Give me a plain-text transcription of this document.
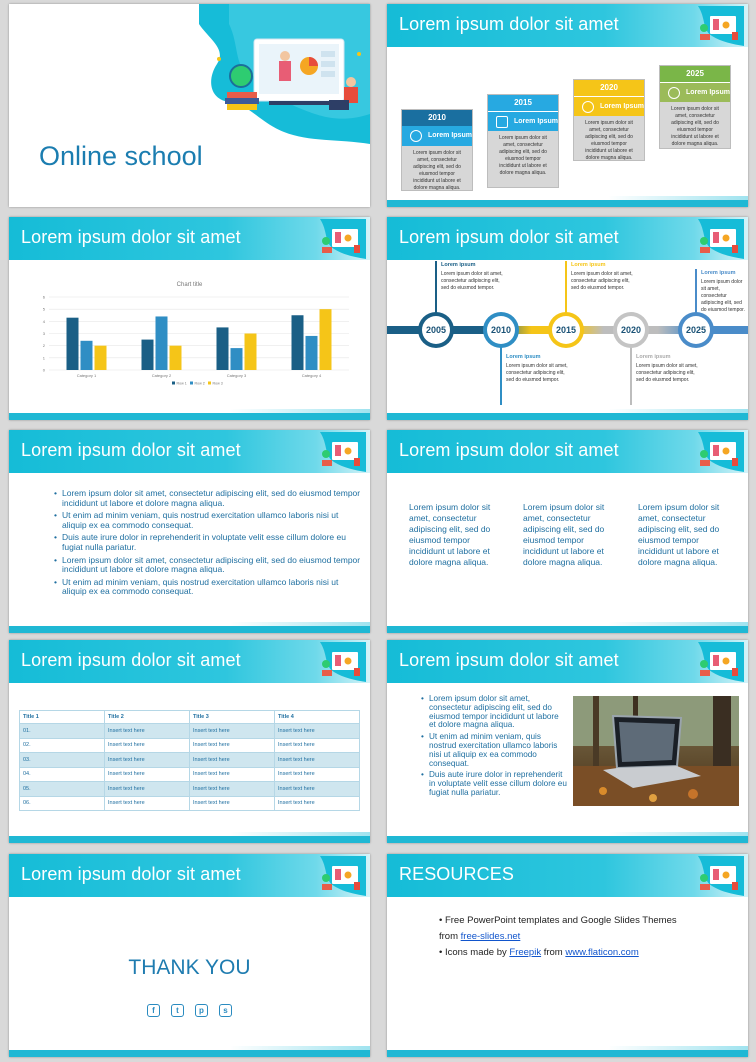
Online school
Lorem ipsum dolor sit amet
2010
Lorem Ipsum
Lorem ipsum dolor sit amet, consectetur adipiscing elit, sed do eiusmod tempor incididunt ut labore et dolore magna aliqua.
2015
Lorem Ipsum
Lorem ipsum dolor sit amet, consectetur adipiscing elit, sed do eiusmod tempor incididunt ut labore et dolore magna aliqua.
2020
Lorem Ipsum
Lorem ipsum dolor sit amet, consectetur adipiscing elit, sed do eiusmod tempor incididunt ut labore et dolore magna aliqua.
2025
Lorem Ipsum
Lorem ipsum dolor sit amet, consectetur adipiscing elit, sed do eiusmod tempor incididunt ut labore et dolore magna aliqua.
Lorem ipsum dolor sit amet
Chart title
0
1
2
3
4
5
6
Category 1	Category 2	Category 3	Category 4
Row 1 Row 2 Row 3
Lorem ipsum dolor sit amet
2005	2010	2015	2020	2025
Lorem ipsum
Lorem ipsum dolor sit amet, consectetur adipiscing elit, sed do eiusmod tempor.
Lorem ipsum
Lorem ipsum dolor sit amet, consectetur adipiscing elit, sed do eiusmod tempor.
Lorem ipsum
Lorem ipsum dolor sit amet, consectetur adipiscing elit, sed do eiusmod tempor.
Lorem ipsum
Lorem ipsum dolor sit amet, consectetur adipiscing elit, sed do eiusmod tempor.
Lorem ipsum
Lorem ipsum dolor sit amet, consectetur adipiscing elit, sed do eiusmod tempor.
Lorem ipsum dolor sit amet
• Lorem ipsum dolor sit amet, consectetur adipiscing elit, sed do eiusmod tempor incididunt ut labore et dolore magna aliqua.
• Ut enim ad minim veniam, quis nostrud exercitation ullamco laboris nisi ut aliquip ex ea commodo consequat.
• Duis aute irure dolor in reprehenderit in voluptate velit esse cillum dolore eu fugiat nulla pariatur.
• Lorem ipsum dolor sit amet, consectetur adipiscing elit, sed do eiusmod tempor incididunt ut labore et dolore magna aliqua.
• Ut enim ad minim veniam, quis nostrud exercitation ullamco laboris nisi ut aliquip ex ea commodo consequat.
Lorem ipsum dolor sit amet
Lorem ipsum dolor sit amet, consectetur adipiscing elit, sed do eiusmod tempor incididunt ut labore et dolore magna aliqua.
Lorem ipsum dolor sit amet, consectetur adipiscing elit, sed do eiusmod tempor incididunt ut labore et dolore magna aliqua.
Lorem ipsum dolor sit amet, consectetur adipiscing elit, sed do eiusmod tempor incididunt ut labore et dolore magna aliqua.
Lorem ipsum dolor sit amet
Title 1	Title 2	Title 3	Title 4
01.	Insert text here	Insert text here	Insert text here
02.	Insert text here	Insert text here	Insert text here
03.	Insert text here	Insert text here	Insert text here
04.	Insert text here	Insert text here	Insert text here
05.	Insert text here	Insert text here	Insert text here
06.	Insert text here	Insert text here	Insert text here
Lorem ipsum dolor sit amet
• Lorem ipsum dolor sit amet, consectetur adipiscing elit, sed do eiusmod tempor incididunt ut labore et dolore magna aliqua.
• Ut enim ad minim veniam, quis nostrud exercitation ullamco laboris nisi ut aliquip ex ea commodo consequat.
• Duis aute irure dolor in reprehenderit in voluptate velit esse cillum dolore eu fugiat nulla pariatur.
Lorem ipsum dolor sit amet
THANK YOU
f	t	p	s
RESOURCES
• Free PowerPoint templates and Google Slides Themes
from free-slides.net
• Icons made by Freepik from www.flaticon.com
